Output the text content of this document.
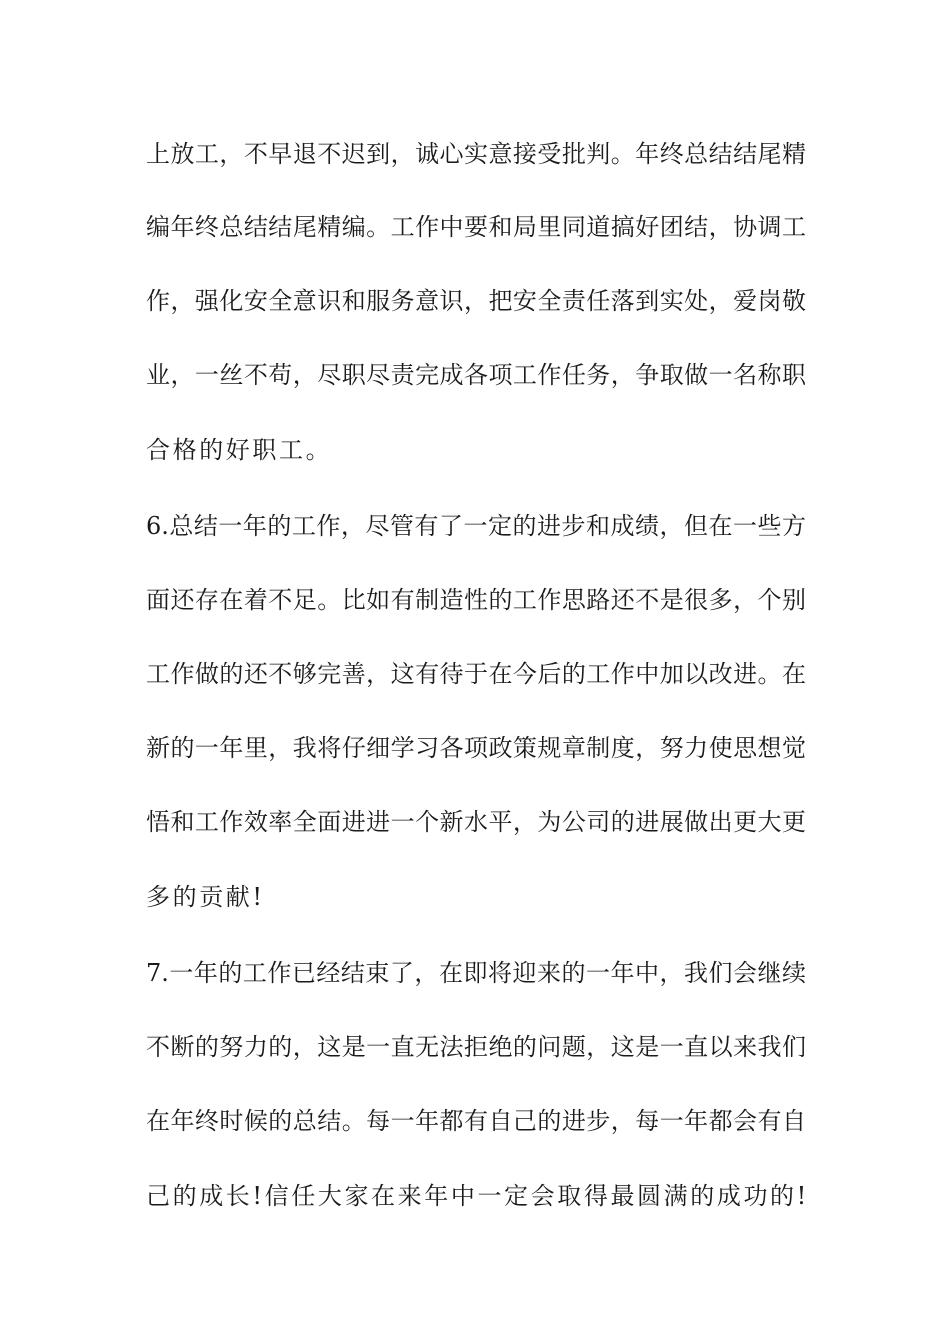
上放工，不早退不迟到，诚心实意接受批判。年终总结结尾精
编年终总结结尾精编。工作中要和局里同道搞好团结，协调工
作，强化安全意识和服务意识，把安全责任落到实处，爱岗敬
业，一丝不苟，尽职尽责完成各项工作任务，争取做一名称职
合格的好职工。
6.总结一年的工作，尽管有了一定的进步和成绩，但在一些方
面还存在着不足。比如有制造性的工作思路还不是很多，个别
工作做的还不够完善，这有待于在今后的工作中加以改进。在
新的一年里，我将仔细学习各项政策规章制度，努力使思想觉
悟和工作效率全面进进一个新水平，为公司的进展做出更大更
多的贡献!
7.一年的工作已经结束了，在即将迎来的一年中，我们会继续
不断的努力的，这是一直无法拒绝的问题，这是一直以来我们
在年终时候的总结。每一年都有自己的进步，每一年都会有自
己的成长!信任大家在来年中一定会取得最圆满的成功的!
